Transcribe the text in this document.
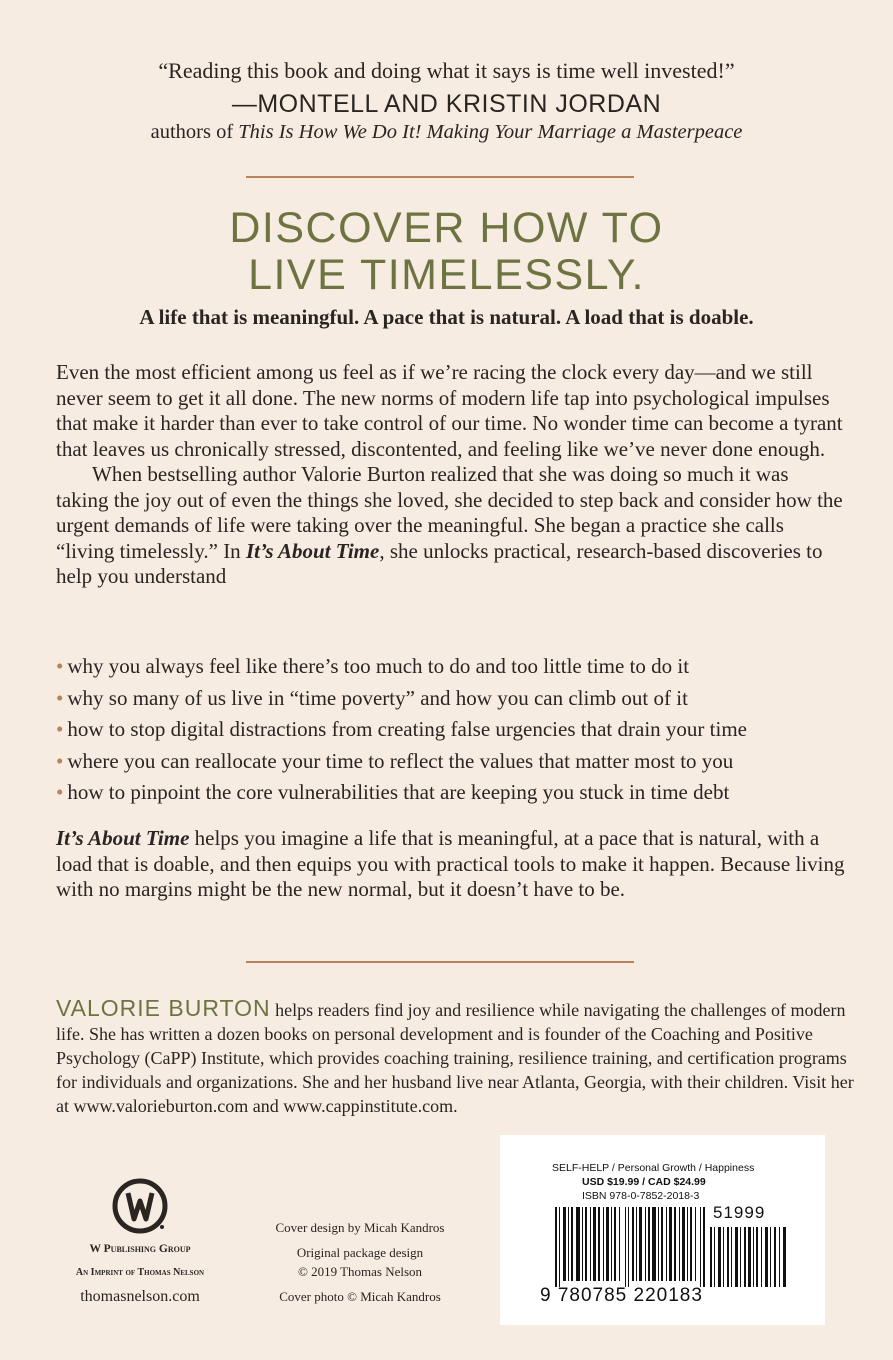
“Reading this book and doing what it says is time well invested!”
—MONTELL AND KRISTIN JORDAN
authors of This Is How We Do It! Making Your Marriage a Masterpeace
DISCOVER HOW TO
LIVE TIMELESSLY.
A life that is meaningful. A pace that is natural. A load that is doable.

Even the most efficient among us feel as if we’re racing the clock every day—and we still never seem to get it all done. The new norms of modern life tap into psychological impulses that make it harder than ever to take control of our time. No wonder time can become a tyrant that leaves us chronically stressed, discontented, and feeling like we’ve never done enough.

When bestselling author Valorie Burton realized that she was doing so much it was taking the joy out of even the things she loved, she decided to step back and consider how the urgent demands of life were taking over the meaningful. She began a practice she calls “living timelessly.” In It’s About Time, she unlocks practical, research-based discoveries to help you understand

• why you always feel like there’s too much to do and too little time to do it
• why so many of us live in “time poverty” and how you can climb out of it
• how to stop digital distractions from creating false urgencies that drain your time
• where you can reallocate your time to reflect the values that matter most to you
• how to pinpoint the core vulnerabilities that are keeping you stuck in time debt
It’s About Time helps you imagine a life that is meaningful, at a pace that is natural, with a load that is doable, and then equips you with practical tools to make it happen. Because living with no margins might be the new normal, but it doesn’t have to be.
VALORIE BURTON helps readers find joy and resilience while navigating the challenges of modern life. She has written a dozen books on personal development and is founder of the Coaching and Positive Psychology (CaPP) Institute, which provides coaching training, resilience training, and certification programs for individuals and organizations. She and her husband live near Atlanta, Georgia, with their children. Visit her at www.valorieburton.com and www.cappinstitute.com.
W Publishing Group
An Imprint of Thomas Nelson
thomasnelson.com
Cover design by Micah Kandros
Original package design
© 2019 Thomas Nelson
Cover photo © Micah Kandros
SELF-HELP / Personal Growth / Happiness
USD $19.99 / CAD $24.99
ISBN 978-0-7852-2018-3
51999
9 780785 220183
